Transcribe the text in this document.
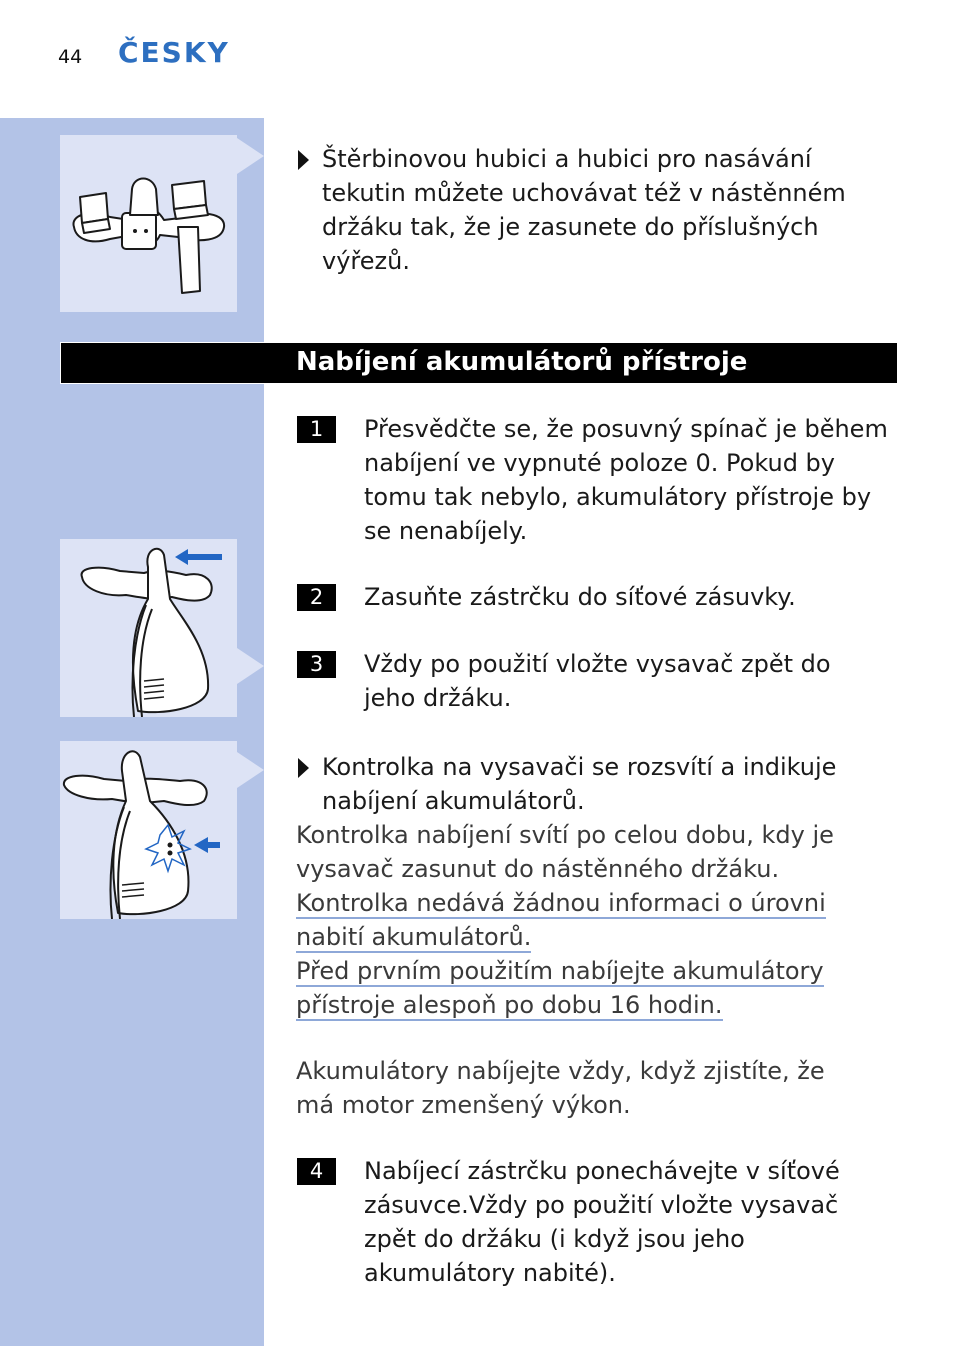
44 ČESKY

Štěrbinovou hubici a hubici pro nasávání tekutin můžete uchovávat též v nástěnném držáku tak, že je zasunete do příslušných výřezů.

Nabíjení akumulátorů přístroje
1	Přesvědčte se, že posuvný spínač je během nabíjení ve vypnuté poloze 0. Pokud by tomu tak nebylo, akumulátory přístroje by se nenabíjely.

2	Zasuňte zástrčku do síťové zásuvky.

3	Vždy po použití vložte vysavač zpět do jeho držáku.

Kontrolka na vysavači se rozsvítí a indikuje nabíjení akumulátorů.

Kontrolka nabíjení svítí po celou dobu, kdy je vysavač zasunut do nástěnného držáku.
Kontrolka nedává žádnou informaci o úrovni
nabití akumulátorů.
Před prvním použitím nabíjejte akumulátory
přístroje alespoň po dobu 16 hodin.
Akumulátory nabíjejte vždy, když zjistíte, že má motor zmenšený výkon.
4	Nabíjecí zástrčku ponechávejte v síťové zásuvce.Vždy po použití vložte vysavač zpět do držáku (i když jsou jeho akumulátory nabité).
